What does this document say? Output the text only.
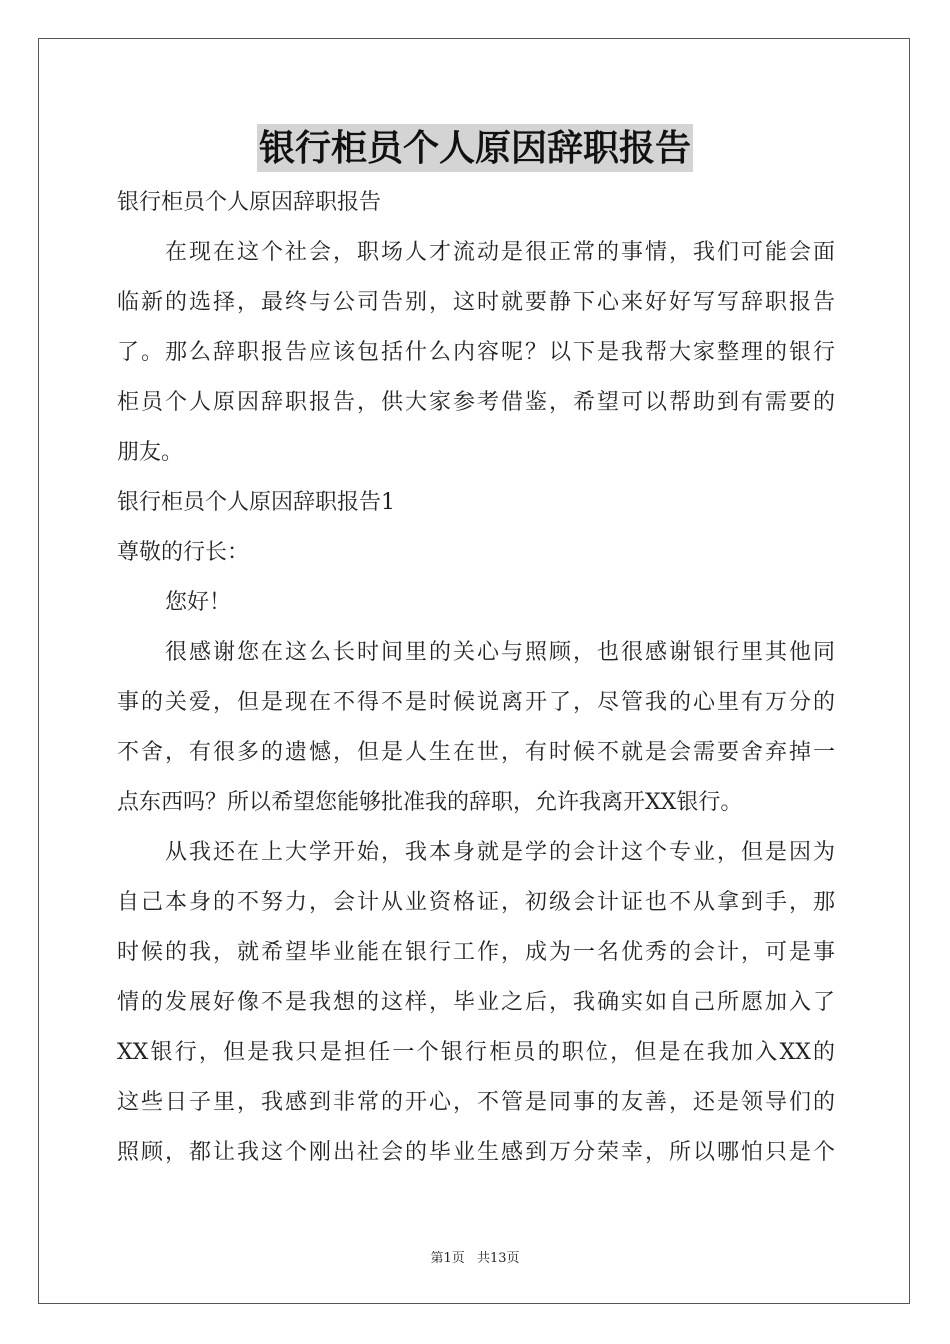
银行柜员个人原因辞职报告

银行柜员个人原因辞职报告

在现在这个社会，职场人才流动是很正常的事情，我们可能会面

临新的选择，最终与公司告别，这时就要静下心来好好写写辞职报告

了。那么辞职报告应该包括什么内容呢？以下是我帮大家整理的银行

柜员个人原因辞职报告，供大家参考借鉴，希望可以帮助到有需要的

朋友。

银行柜员个人原因辞职报告1

尊敬的行长：

您好！

很感谢您在这么长时间里的关心与照顾，也很感谢银行里其他同

事的关爱，但是现在不得不是时候说离开了，尽管我的心里有万分的

不舍，有很多的遗憾，但是人生在世，有时候不就是会需要舍弃掉一

点东西吗？所以希望您能够批准我的辞职，允许我离开XX银行。

从我还在上大学开始，我本身就是学的会计这个专业，但是因为

自己本身的不努力，会计从业资格证，初级会计证也不从拿到手，那

时候的我，就希望毕业能在银行工作，成为一名优秀的会计，可是事

情的发展好像不是我想的这样，毕业之后，我确实如自己所愿加入了

XX银行，但是我只是担任一个银行柜员的职位，但是在我加入XX的

这些日子里，我感到非常的开心，不管是同事的友善，还是领导们的

照顾，都让我这个刚出社会的毕业生感到万分荣幸，所以哪怕只是个

第1页 共13页
